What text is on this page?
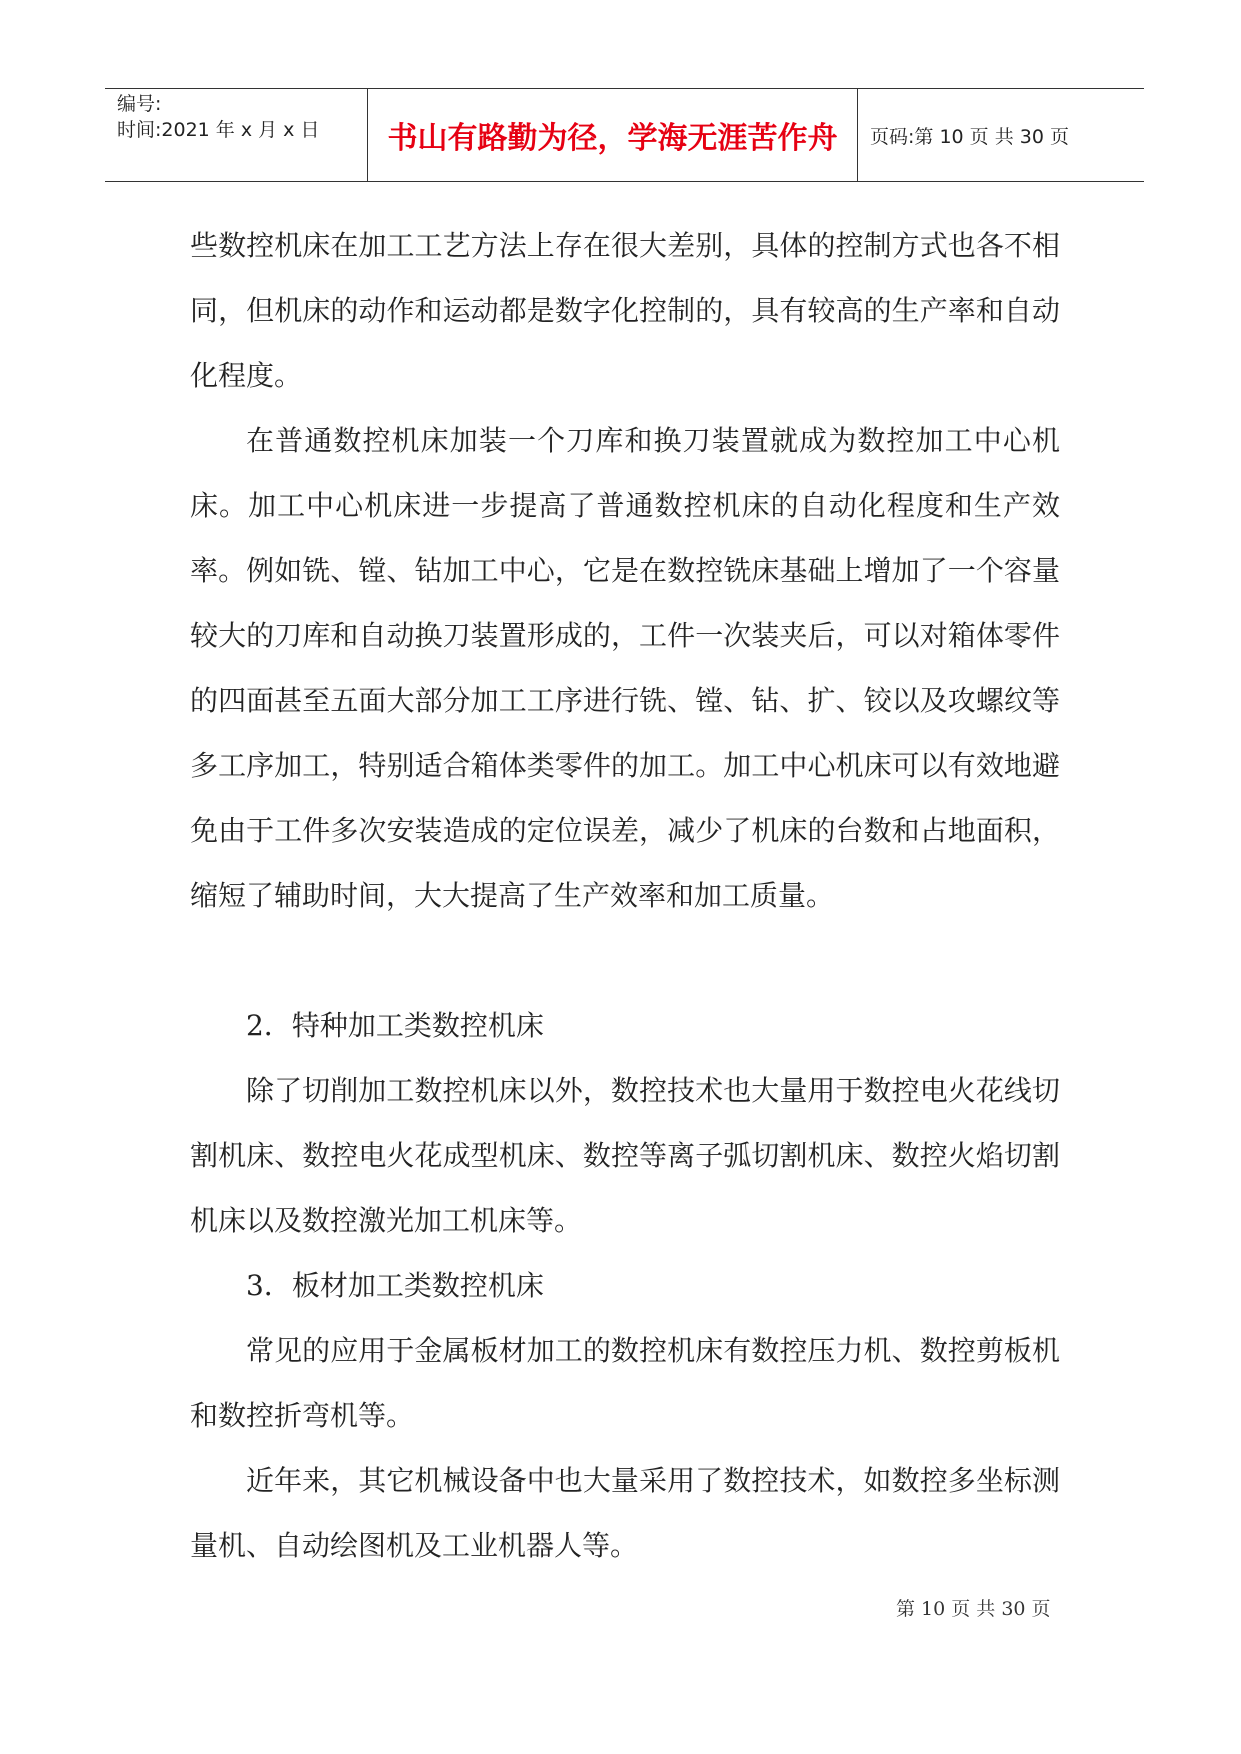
编号:
时间:2021 年 x 月 x 日	书山有路勤为径，学海无涯苦作舟	页码:第 10 页 共 30 页

些数控机床在加工工艺方法上存在很大差别，具体的控制方式也各不相同，但机床的动作和运动都是数字化控制的，具有较高的生产率和自动化程度。

在普通数控机床加装一个刀库和换刀装置就成为数控加工中心机床。加工中心机床进一步提高了普通数控机床的自动化程度和生产效率。例如铣、镗、钻加工中心，它是在数控铣床基础上增加了一个容量较大的刀库和自动换刀装置形成的，工件一次装夹后，可以对箱体零件的四面甚至五面大部分加工工序进行铣、镗、钻、扩、铰以及攻螺纹等多工序加工，特别适合箱体类零件的加工。加工中心机床可以有效地避免由于工件多次安装造成的定位误差，减少了机床的台数和占地面积，缩短了辅助时间，大大提高了生产效率和加工质量。

2．特种加工类数控机床

除了切削加工数控机床以外，数控技术也大量用于数控电火花线切割机床、数控电火花成型机床、数控等离子弧切割机床、数控火焰切割机床以及数控激光加工机床等。

3．板材加工类数控机床

常见的应用于金属板材加工的数控机床有数控压力机、数控剪板机和数控折弯机等。

近年来，其它机械设备中也大量采用了数控技术，如数控多坐标测量机、自动绘图机及工业机器人等。

第 10 页 共 30 页
